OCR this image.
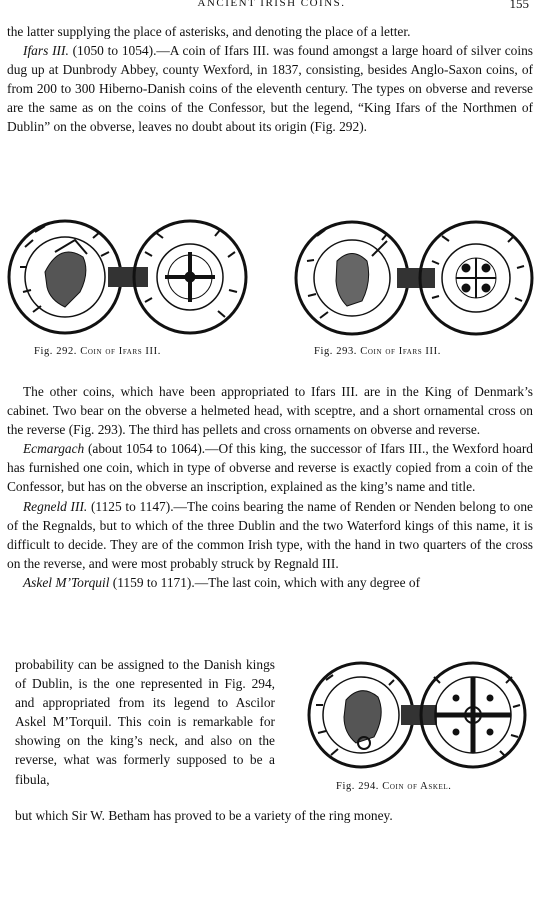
ANCIENT IRISH COINS.	155

the latter supplying the place of asterisks, and denoting the place of a letter.

Ifars III. (1050 to 1054).—A coin of Ifars III. was found amongst a large hoard of silver coins dug up at Dunbrody Abbey, county Wexford, in 1837, consisting, besides Anglo-Saxon coins, of from 200 to 300 Hiberno-Danish coins of the eleventh century. The types on obverse and reverse are the same as on the coins of the Confessor, but the legend, “King Ifars of the Northmen of Dublin” on the obverse, leaves no doubt about its origin (Fig. 292).

Fig. 292. Coin of Ifars III.	Fig. 293. Coin of Ifars III.

The other coins, which have been appropriated to Ifars III. are in the King of Denmark’s cabinet. Two bear on the obverse a helmeted head, with sceptre, and a short ornamental cross on the reverse (Fig. 293). The third has pellets and cross ornaments on obverse and reverse.

Ecmargach (about 1054 to 1064).—Of this king, the successor of Ifars III., the Wexford hoard has furnished one coin, which in type of obverse and reverse is exactly copied from a coin of the Confessor, but has on the obverse an inscription, explained as the king’s name and title.

Regneld III. (1125 to 1147).—The coins bearing the name of Renden or Nenden belong to one of the Regnalds, but to which of the three Dublin and the two Waterford kings of this name, it is difficult to decide. They are of the common Irish type, with the hand in two quarters of the cross on the reverse, and were most probably struck by Regnald III.

Askel M’Torquil (1159 to 1171).—The last coin, which with any degree of

probability can be assigned to the Danish kings of Dublin, is the one represented in Fig. 294, and appropriated from its legend to Ascilor Askel M’Torquil. This coin is remarkable for showing on the king’s neck, and also on the reverse, what was formerly supposed to be a fibula,	Fig. 294. Coin of Askel.
but which Sir W. Betham has proved to be a variety of the ring money.
